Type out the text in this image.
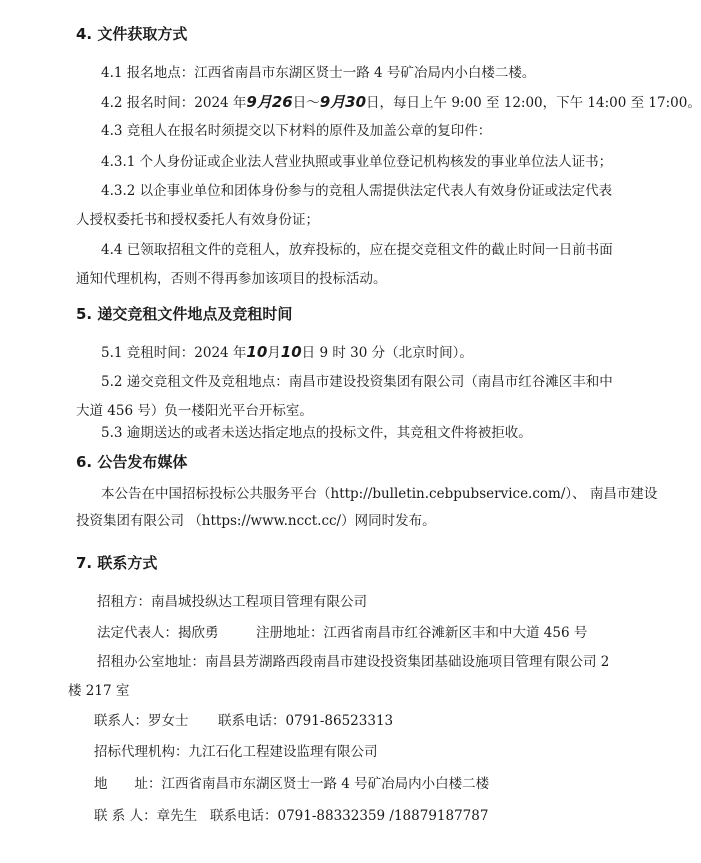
4. 文件获取方式
4.1 报名地点：江西省南昌市东湖区贤士一路 4 号矿冶局内小白楼二楼。
4.2 报名时间：2024 年9月26日～9月30日，每日上午 9:00 至 12:00，下午 14:00 至 17:00。
4.3 竞租人在报名时须提交以下材料的原件及加盖公章的复印件：
4.3.1 个人身份证或企业法人营业执照或事业单位登记机构核发的事业单位法人证书；
4.3.2 以企事业单位和团体身份参与的竞租人需提供法定代表人有效身份证或法定代表
人授权委托书和授权委托人有效身份证；
4.4 已领取招租文件的竞租人，放弃投标的，应在提交竞租文件的截止时间一日前书面
通知代理机构，否则不得再参加该项目的投标活动。
5. 递交竞租文件地点及竞租时间
5.1 竞租时间：2024 年10月10日 9 时 30 分（北京时间）。
5.2 递交竞租文件及竞租地点：南昌市建设投资集团有限公司（南昌市红谷滩区丰和中
大道 456 号）负一楼阳光平台开标室。
5.3 逾期送达的或者未送达指定地点的投标文件，其竞租文件将被拒收。
6. 公告发布媒体
本公告在中国招标投标公共服务平台（http://bulletin.cebpubservice.com/）、 南昌市建设
投资集团有限公司 （https://www.ncct.cc/）网同时发布。
7. 联系方式
招租方：南昌城投纵达工程项目管理有限公司
法定代表人：揭欣勇	注册地址：江西省南昌市红谷滩新区丰和中大道 456 号
招租办公室地址：南昌县芳湖路西段南昌市建设投资集团基础设施项目管理有限公司 2
楼 217 室
联系人：罗女士 联系电话：0791-86523313
招标代理机构：九江石化工程建设监理有限公司
地　　址：江西省南昌市东湖区贤士一路 4 号矿冶局内小白楼二楼
联 系 人：章先生 联系电话：0791-88332359 /18879187787
